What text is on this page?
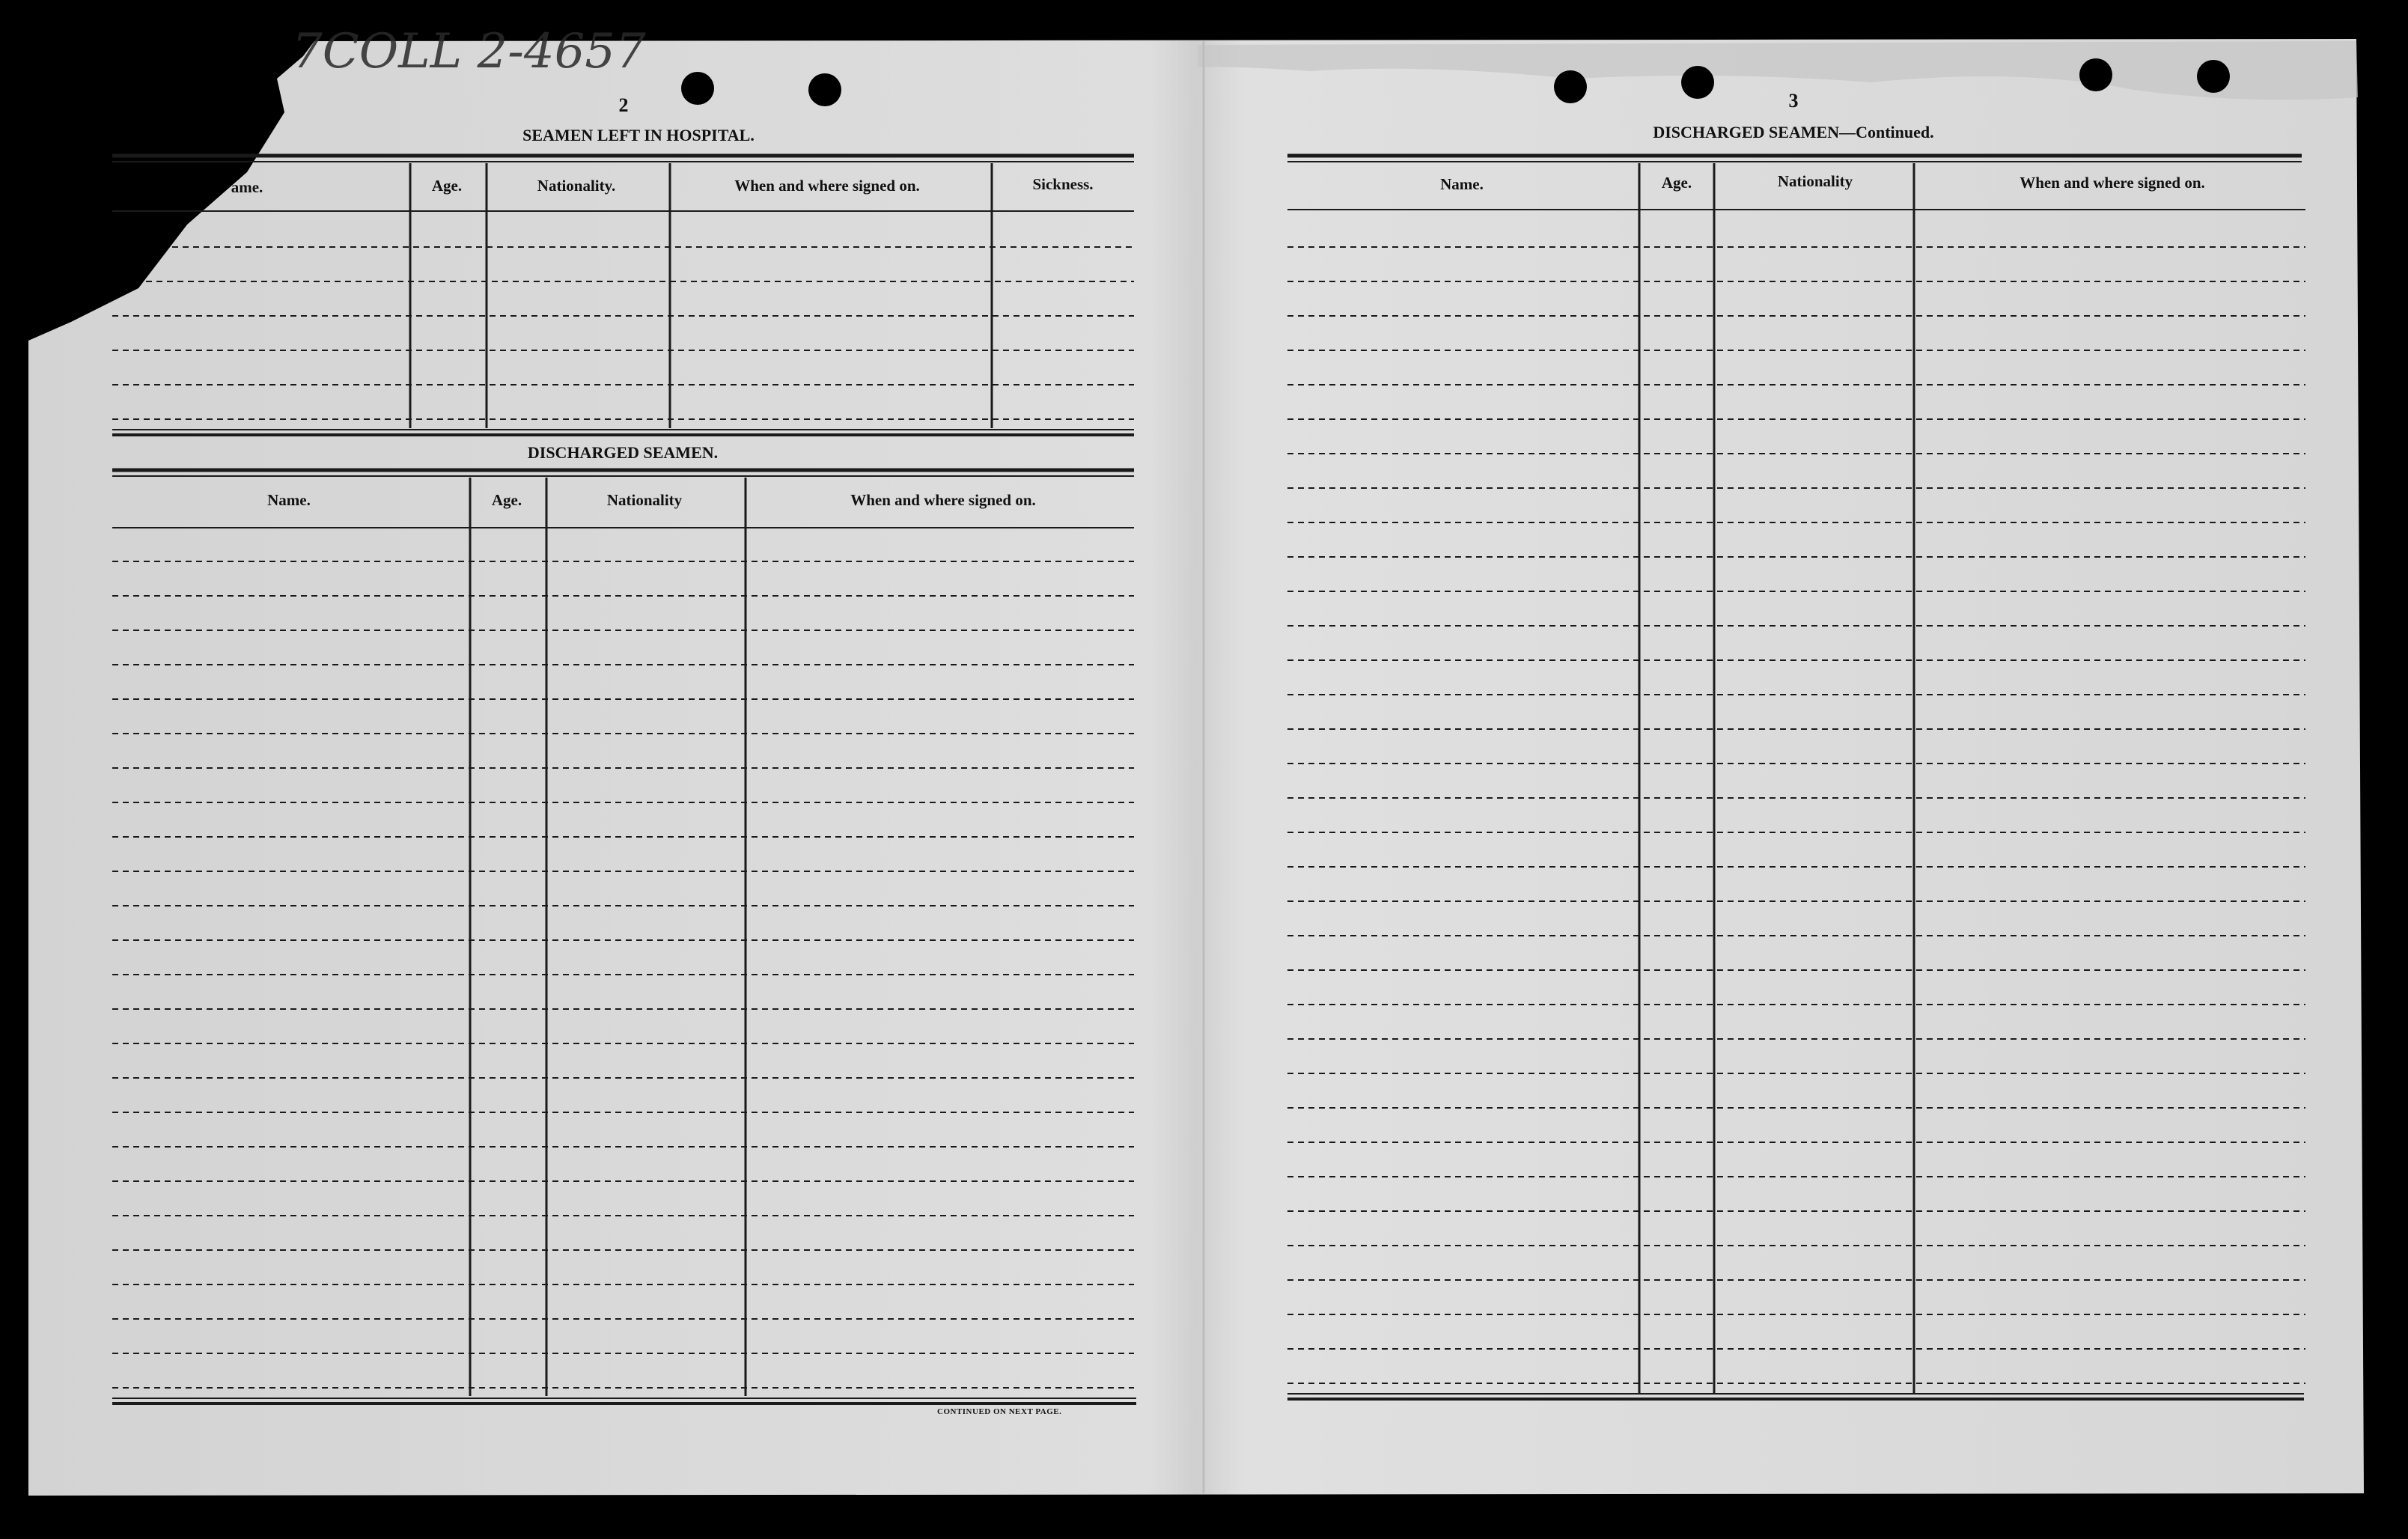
7COLL 2-4657
2
SEAMEN LEFT IN HOSPITAL.
ame.	Age.	Nationality.	When and where signed on.	Sickness.
DISCHARGED SEAMEN.
Name.	Age.	Nationality	When and where signed on.
CONTINUED ON NEXT PAGE.
3
DISCHARGED SEAMEN—Continued.
Name.	Age.	Nationality	When and where signed on.
